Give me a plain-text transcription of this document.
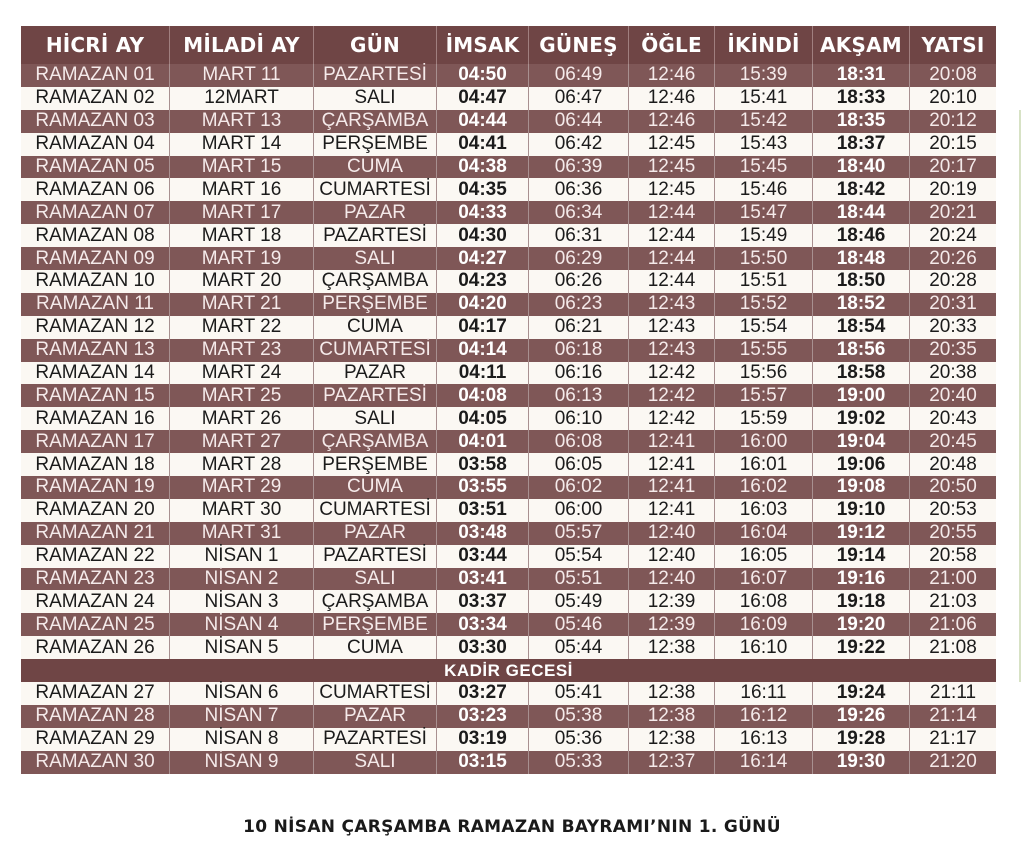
HİCRİ AY	MİLADİ AY	GÜN	İMSAK	GÜNEŞ	ÖĞLE	İKİNDİ	AKŞAM	YATSI
RAMAZAN 01	MART 11	PAZARTESİ	04:50	06:49	12:46	15:39	18:31	20:08
RAMAZAN 02	12MART	SALI	04:47	06:47	12:46	15:41	18:33	20:10
RAMAZAN 03	MART 13	ÇARŞAMBA	04:44	06:44	12:46	15:42	18:35	20:12
RAMAZAN 04	MART 14	PERŞEMBE	04:41	06:42	12:45	15:43	18:37	20:15
RAMAZAN 05	MART 15	CUMA	04:38	06:39	12:45	15:45	18:40	20:17
RAMAZAN 06	MART 16	CUMARTESİ	04:35	06:36	12:45	15:46	18:42	20:19
RAMAZAN 07	MART 17	PAZAR	04:33	06:34	12:44	15:47	18:44	20:21
RAMAZAN 08	MART 18	PAZARTESİ	04:30	06:31	12:44	15:49	18:46	20:24
RAMAZAN 09	MART 19	SALI	04:27	06:29	12:44	15:50	18:48	20:26
RAMAZAN 10	MART 20	ÇARŞAMBA	04:23	06:26	12:44	15:51	18:50	20:28
RAMAZAN 11	MART 21	PERŞEMBE	04:20	06:23	12:43	15:52	18:52	20:31
RAMAZAN 12	MART 22	CUMA	04:17	06:21	12:43	15:54	18:54	20:33
RAMAZAN 13	MART 23	CUMARTESİ	04:14	06:18	12:43	15:55	18:56	20:35
RAMAZAN 14	MART 24	PAZAR	04:11	06:16	12:42	15:56	18:58	20:38
RAMAZAN 15	MART 25	PAZARTESİ	04:08	06:13	12:42	15:57	19:00	20:40
RAMAZAN 16	MART 26	SALI	04:05	06:10	12:42	15:59	19:02	20:43
RAMAZAN 17	MART 27	ÇARŞAMBA	04:01	06:08	12:41	16:00	19:04	20:45
RAMAZAN 18	MART 28	PERŞEMBE	03:58	06:05	12:41	16:01	19:06	20:48
RAMAZAN 19	MART 29	CUMA	03:55	06:02	12:41	16:02	19:08	20:50
RAMAZAN 20	MART 30	CUMARTESİ	03:51	06:00	12:41	16:03	19:10	20:53
RAMAZAN 21	MART 31	PAZAR	03:48	05:57	12:40	16:04	19:12	20:55
RAMAZAN 22	NİSAN 1	PAZARTESİ	03:44	05:54	12:40	16:05	19:14	20:58
RAMAZAN 23	NİSAN 2	SALI	03:41	05:51	12:40	16:07	19:16	21:00
RAMAZAN 24	NİSAN 3	ÇARŞAMBA	03:37	05:49	12:39	16:08	19:18	21:03
RAMAZAN 25	NİSAN 4	PERŞEMBE	03:34	05:46	12:39	16:09	19:20	21:06
RAMAZAN 26	NİSAN 5	CUMA	03:30	05:44	12:38	16:10	19:22	21:08
KADİR GECESİ								
RAMAZAN 27	NİSAN 6	CUMARTESİ	03:27	05:41	12:38	16:11	19:24	21:11
RAMAZAN 28	NİSAN 7	PAZAR	03:23	05:38	12:38	16:12	19:26	21:14
RAMAZAN 29	NİSAN 8	PAZARTESİ	03:19	05:36	12:38	16:13	19:28	21:17
RAMAZAN 30	NİSAN 9	SALI	03:15	05:33	12:37	16:14	19:30	21:20
10 NİSAN ÇARŞAMBA RAMAZAN BAYRAMI’NIN 1. GÜNÜ
